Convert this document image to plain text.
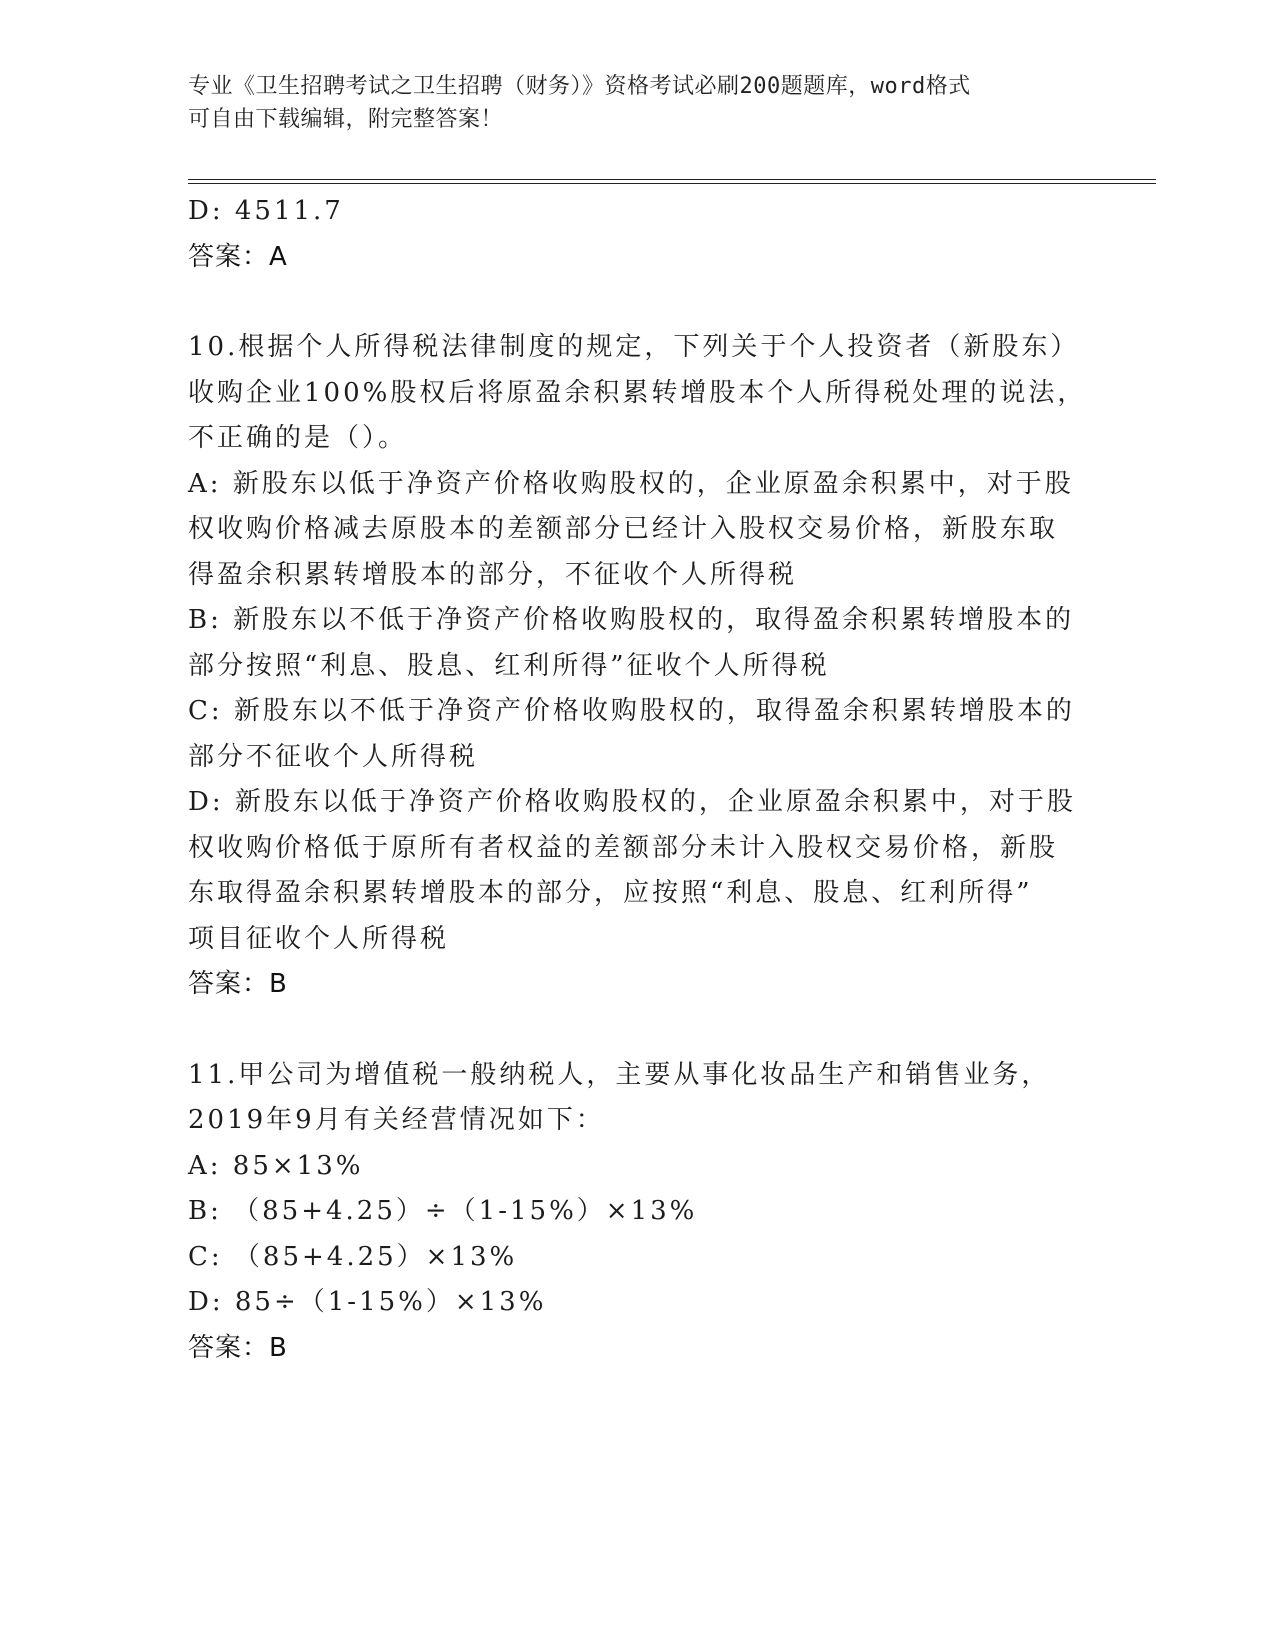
专业《卫生招聘考试之卫生招聘（财务）》资格考试必刷200题题库，word格式
可自由下载编辑，附完整答案！
D: 4511.7
答案：A
10.根据个人所得税法律制度的规定，下列关于个人投资者（新股东）
收购企业100%股权后将原盈余积累转增股本个人所得税处理的说法，
不正确的是（）。
A: 新股东以低于净资产价格收购股权的，企业原盈余积累中，对于股
权收购价格减去原股本的差额部分已经计入股权交易价格，新股东取
得盈余积累转增股本的部分，不征收个人所得税
B: 新股东以不低于净资产价格收购股权的，取得盈余积累转增股本的
部分按照“利息、股息、红利所得”征收个人所得税
C: 新股东以不低于净资产价格收购股权的，取得盈余积累转增股本的
部分不征收个人所得税
D: 新股东以低于净资产价格收购股权的，企业原盈余积累中，对于股
权收购价格低于原所有者权益的差额部分未计入股权交易价格，新股
东取得盈余积累转增股本的部分，应按照“利息、股息、红利所得”
项目征收个人所得税
答案：B
11.甲公司为增值税一般纳税人，主要从事化妆品生产和销售业务，
2019年9月有关经营情况如下：
A: 85×13%
B: （85+4.25）÷（1-15%）×13%
C: （85+4.25）×13%
D: 85÷（1-15%）×13%
答案：B
